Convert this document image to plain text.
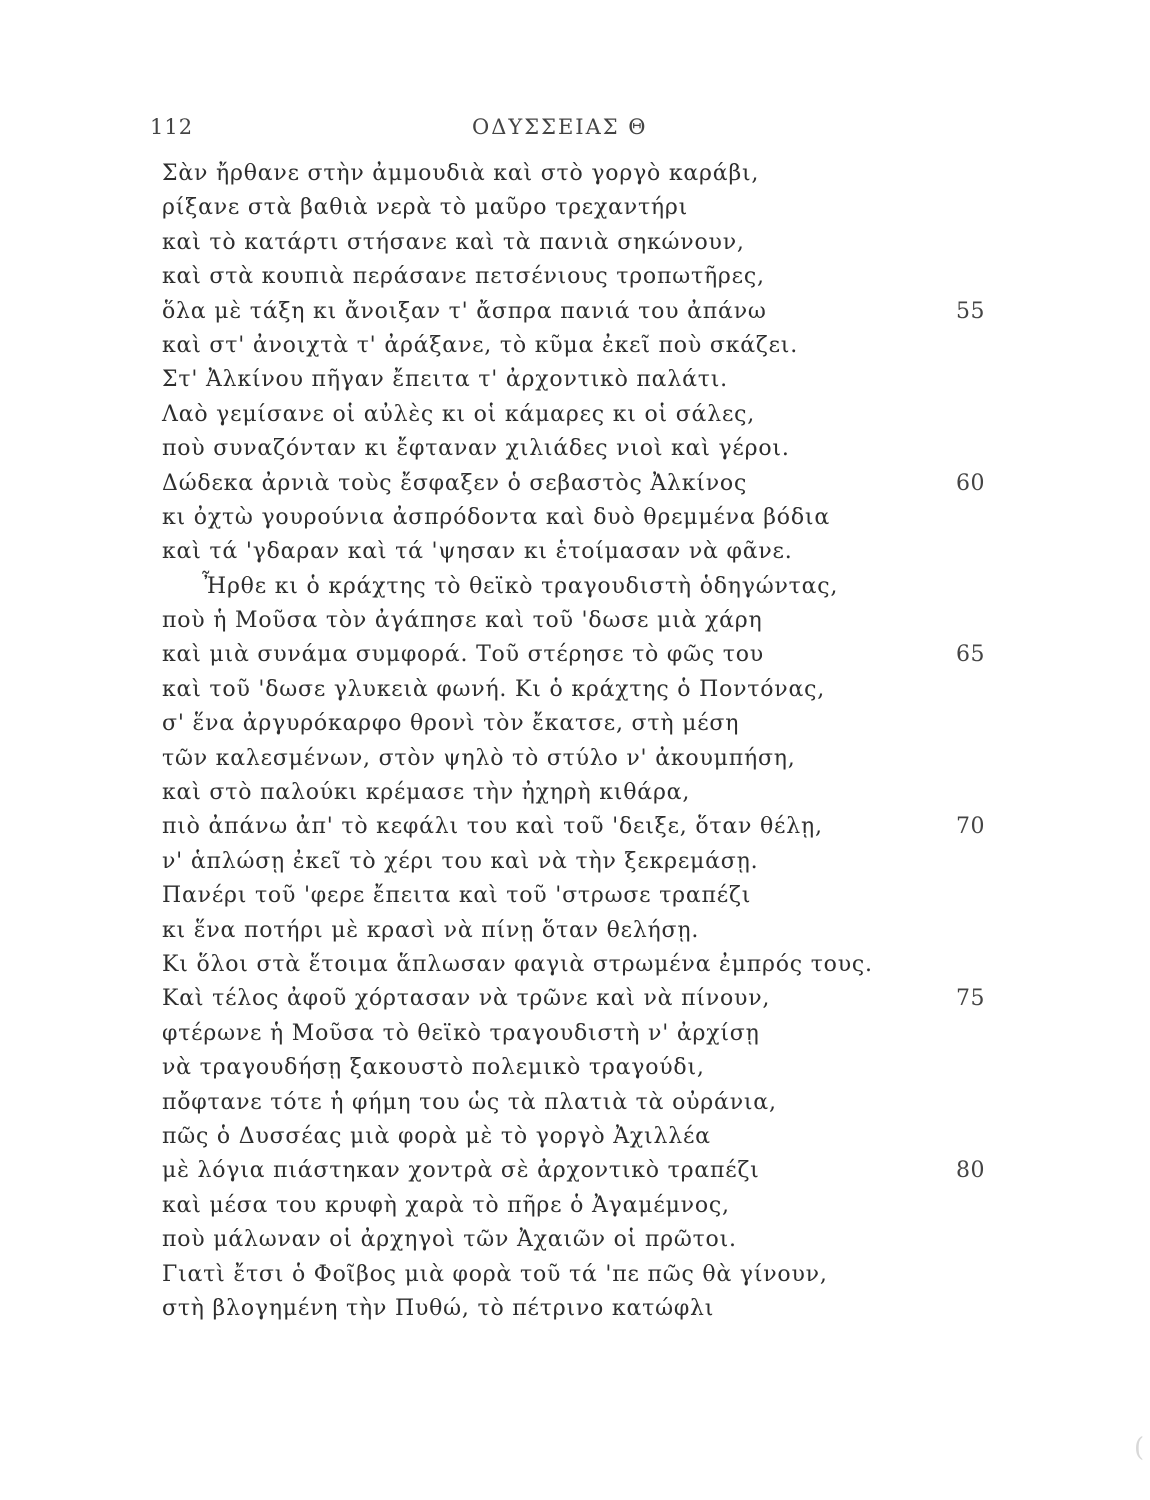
112	ΟΔΥΣΣΕΙΑΣ Θ
Σὰν ἤρθανε στὴν ἀμμουδιὰ καὶ στὸ γοργὸ καράβι,
ρίξανε στὰ βαθιὰ νερὰ τὸ μαῦρο τρεχαντήρι
καὶ τὸ κατάρτι στήσανε καὶ τὰ πανιὰ σηκώνουν,
καὶ στὰ κουπιὰ περάσανε πετσένιους τροπωτῆρες,
ὅλα μὲ τάξη κι ἄνοιξαν τ' ἄσπρα πανιά του ἀπάνω	55
καὶ στ' ἀνοιχτὰ τ' ἀράξανε, τὸ κῦμα ἐκεῖ ποὺ σκάζει.
Στ' Ἀλκίνου πῆγαν ἔπειτα τ' ἀρχοντικὸ παλάτι.
Λαὸ γεμίσανε οἱ αὐλὲς κι οἱ κάμαρες κι οἱ σάλες,
ποὺ συναζόνταν κι ἔφταναν χιλιάδες νιοὶ καὶ γέροι.
Δώδεκα ἀρνιὰ τοὺς ἔσφαξεν ὁ σεβαστὸς Ἀλκίνος	60
κι ὀχτὼ γουρούνια ἀσπρόδοντα καὶ δυὸ θρεμμένα βόδια
καὶ τά 'γδαραν καὶ τά 'ψησαν κι ἑτοίμασαν νὰ φᾶνε.
Ἦρθε κι ὁ κράχτης τὸ θεϊκὸ τραγουδιστὴ ὁδηγώντας,
ποὺ ἡ Μοῦσα τὸν ἀγάπησε καὶ τοῦ 'δωσε μιὰ χάρη
καὶ μιὰ συνάμα συμφορά. Τοῦ στέρησε τὸ φῶς του	65
καὶ τοῦ 'δωσε γλυκειὰ φωνή. Κι ὁ κράχτης ὁ Ποντόνας,
σ' ἕνα ἀργυρόκαρφο θρονὶ τὸν ἔκατσε, στὴ μέση
τῶν καλεσμένων, στὸν ψηλὸ τὸ στύλο ν' ἀκουμπήση,
καὶ στὸ παλούκι κρέμασε τὴν ἠχηρὴ κιθάρα,
πιὸ ἀπάνω ἀπ' τὸ κεφάλι του καὶ τοῦ 'δειξε, ὅταν θέλῃ,	70
ν' ἁπλώσῃ ἐκεῖ τὸ χέρι του καὶ νὰ τὴν ξεκρεμάσῃ.
Πανέρι τοῦ 'φερε ἔπειτα καὶ τοῦ 'στρωσε τραπέζι
κι ἕνα ποτήρι μὲ κρασὶ νὰ πίνῃ ὅταν θελήσῃ.
Κι ὅλοι στὰ ἕτοιμα ἅπλωσαν φαγιὰ στρωμένα ἐμπρός τους.
Καὶ τέλος ἀφοῦ χόρτασαν νὰ τρῶνε καὶ νὰ πίνουν,	75
φτέρωνε ἡ Μοῦσα τὸ θεϊκὸ τραγουδιστὴ ν' ἀρχίσῃ
νὰ τραγουδήσῃ ξακουστὸ πολεμικὸ τραγούδι,
πὄφτανε τότε ἡ φήμη του ὡς τὰ πλατιὰ τὰ οὐράνια,
πῶς ὁ Δυσσέας μιὰ φορὰ μὲ τὸ γοργὸ Ἀχιλλέα
μὲ λόγια πιάστηκαν χοντρὰ σὲ ἀρχοντικὸ τραπέζι	80
καὶ μέσα του κρυφὴ χαρὰ τὸ πῆρε ὁ Ἀγαμέμνος,
ποὺ μάλωναν οἱ ἀρχηγοὶ τῶν Ἀχαιῶν οἱ πρῶτοι.
Γιατὶ ἔτσι ὁ Φοῖβος μιὰ φορὰ τοῦ τά 'πε πῶς θὰ γίνουν,
στὴ βλογημένη τὴν Πυθώ, τὸ πέτρινο κατώφλι
(
